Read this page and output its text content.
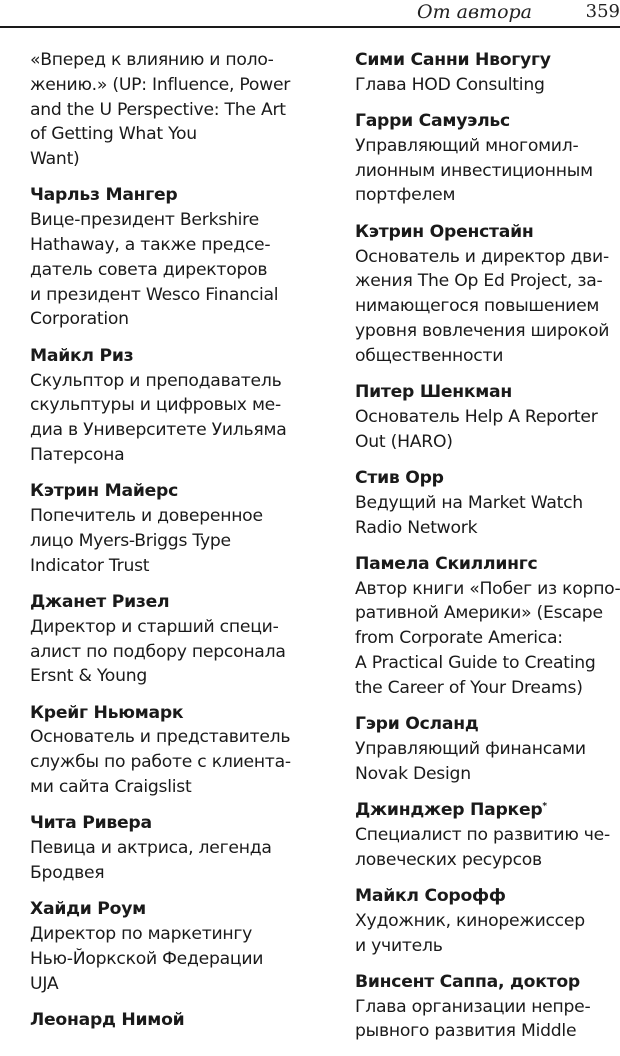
От автора	359
«Вперед к влиянию и поло-
жению.» (UP: Influence, Power
and the U Perspective: The Art
of Getting What You
Want)
Чарльз Мангер
Вице-президент Berkshire
Hathaway, а также предсе-
датель совета директоров
и президент Wesco Financial
Corporation
Майкл Риз
Скульптор и преподаватель
скульптуры и цифровых ме-
диа в Университете Уильяма
Патерсона
Кэтрин Майерс
Попечитель и доверенное
лицо Myers-Briggs Type
Indicator Trust
Джанет Ризел
Директор и старший специ-
алист по подбору персонала
Ersnt & Young
Крейг Ньюмарк
Основатель и представитель
службы по работе с клиента-
ми сайта Craigslist
Чита Ривера
Певица и актриса, легенда
Бродвея
Хайди Роум
Директор по маркетингу
Нью-Йоркской Федерации
UJA
Леонард Нимой
Сими Санни Нвогугу
Глава HOD Consulting
Гарри Самуэльс
Управляющий многомил-
лионным инвестиционным
портфелем
Кэтрин Оренстайн
Основатель и директор дви-
жения The Op Ed Project, за-
нимающегося повышением
уровня вовлечения широкой
общественности
Питер Шенкман
Основатель Help A Reporter
Out (HARO)
Стив Орр
Ведущий на Market Watch
Radio Network
Памела Скиллингс
Автор книги «Побег из корпо-
ративной Америки» (Escape
from Corporate America:
A Practical Guide to Creating
the Career of Your Dreams)
Гэри Осланд
Управляющий финансами
Novak Design
Джинджер Паркер*
Специалист по развитию че-
ловеческих ресурсов
Майкл Сорофф
Художник, кинорежиссер
и учитель
Винсент Саппа, доктор
Глава организации непре-
рывного развития Middle
